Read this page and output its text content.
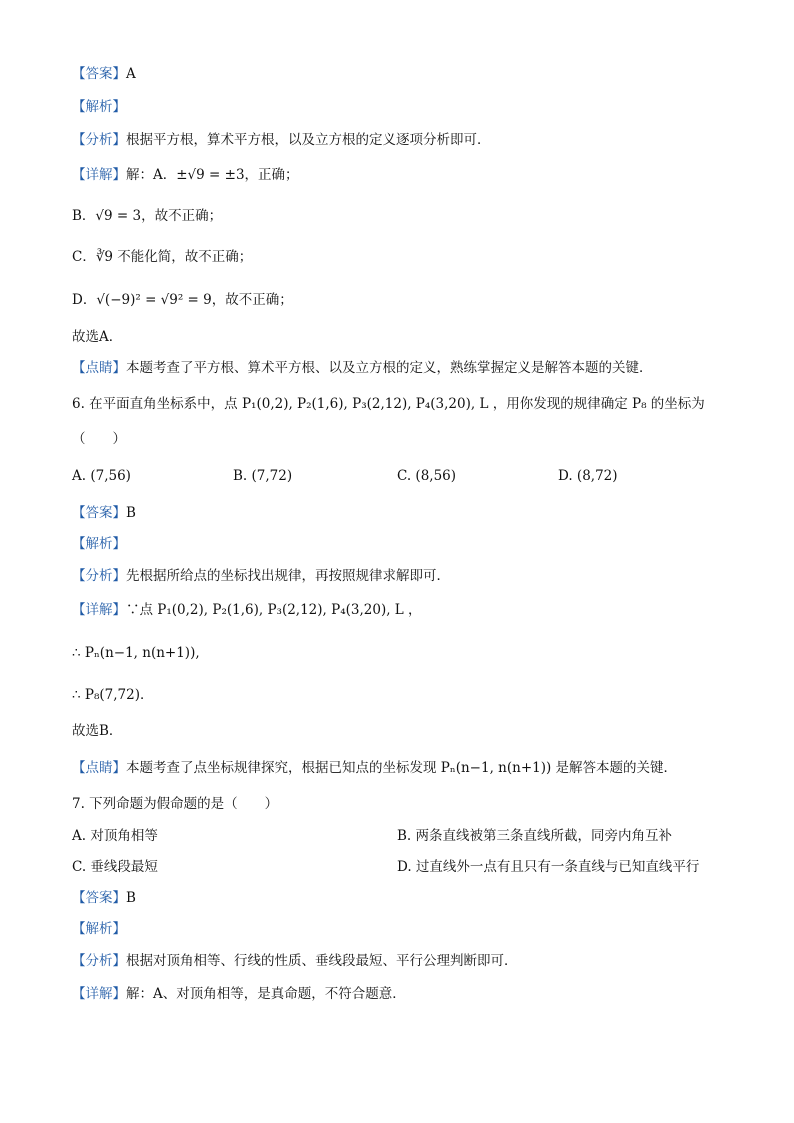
【答案】A
【解析】
【分析】根据平方根，算术平方根，以及立方根的定义逐项分析即可．
【详解】解：A．±√9 = ±3，正确；
B．√9 = 3，故不正确；
C．∛9 不能化简，故不正确；
D．√(−9)² = √9² = 9，故不正确；
故选A．
【点睛】本题考查了平方根、算术平方根、以及立方根的定义，熟练掌握定义是解答本题的关键．
6. 在平面直角坐标系中，点 P₁(0,2), P₂(1,6), P₃(2,12), P₄(3,20), L ，用你发现的规律确定 P₈ 的坐标为
（　　）
A. (7,56)	B. (7,72)	C. (8,56)	D. (8,72)
【答案】B
【解析】
【分析】先根据所给点的坐标找出规律，再按照规律求解即可．
【详解】∵点 P₁(0,2), P₂(1,6), P₃(2,12), P₄(3,20), L ，
∴ Pₙ(n−1, n(n+1)),
∴ P₈(7,72)．
故选B．
【点睛】本题考查了点坐标规律探究，根据已知点的坐标发现 Pₙ(n−1, n(n+1)) 是解答本题的关键．
7. 下列命题为假命题的是（　　）
A. 对顶角相等	B. 两条直线被第三条直线所截，同旁内角互补
C. 垂线段最短	D. 过直线外一点有且只有一条直线与已知直线平行
【答案】B
【解析】
【分析】根据对顶角相等、行线的性质、垂线段最短、平行公理判断即可．
【详解】解：A、对顶角相等，是真命题，不符合题意．
